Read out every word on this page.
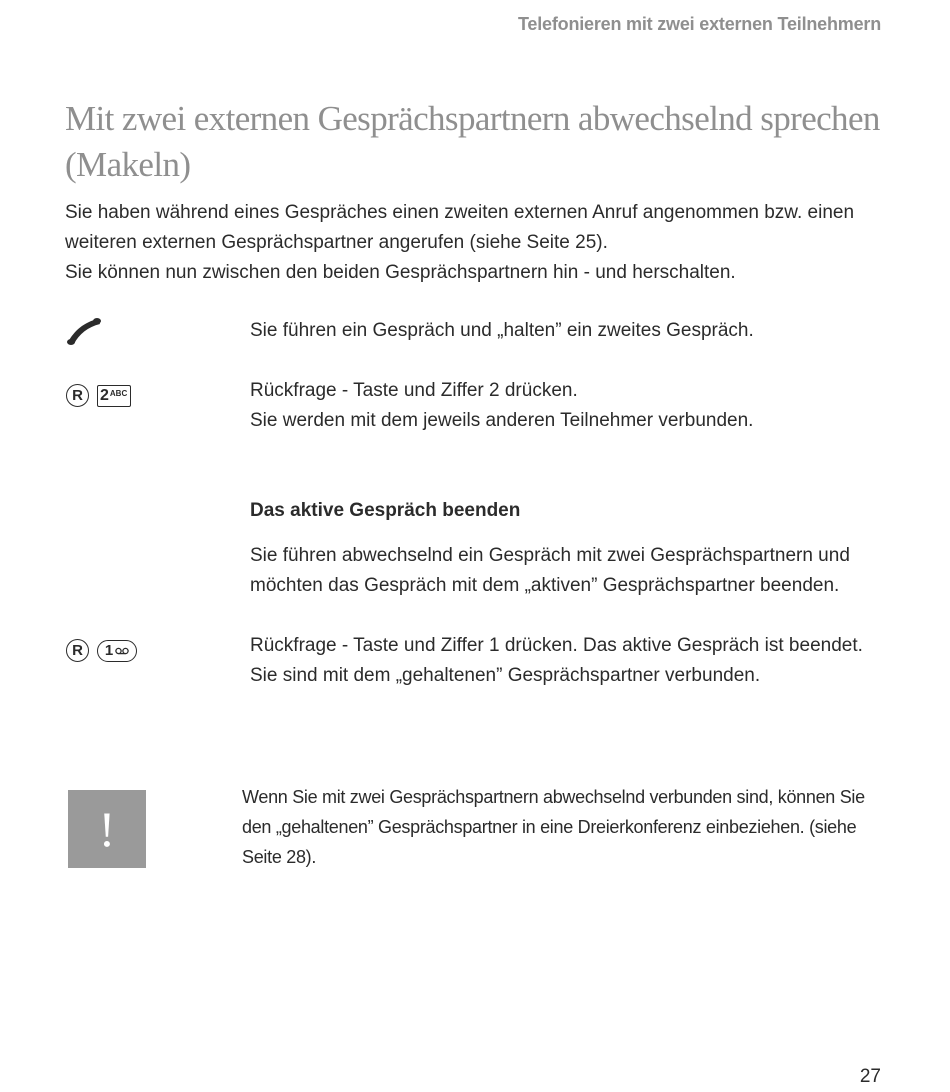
Telefonieren mit zwei externen Teilnehmern
Mit zwei externen Gesprächspartnern abwechselnd sprechen (Makeln)

Sie haben während eines Gespräches einen zweiten externen Anruf angenommen bzw. einen weiteren externen Gesprächspartner angerufen (siehe Seite 25).

Sie können nun zwischen den beiden Gesprächspartnern hin - und herschalten.

Sie führen ein Gespräch und „halten” ein zweites Gespräch.

R	2 ABC	Rückfrage - Taste und Ziffer 2 drücken.

Sie werden mit dem jeweils anderen Teilnehmer verbunden.

Das aktive Gespräch beenden

Sie führen abwechselnd ein Gespräch mit zwei Gesprächspartnern und möchten das Gespräch mit dem „aktiven” Gesprächspartner beenden.

R	1	Rückfrage - Taste und Ziffer 1 drücken. Das aktive Gespräch ist beendet.

Sie sind mit dem „gehaltenen” Gesprächspartner verbunden.

!

Wenn Sie mit zwei Gesprächspartnern abwechselnd verbunden sind, können Sie den „gehaltenen” Gesprächspartner in eine Dreierkonferenz einbeziehen. (siehe Seite 28).

27
